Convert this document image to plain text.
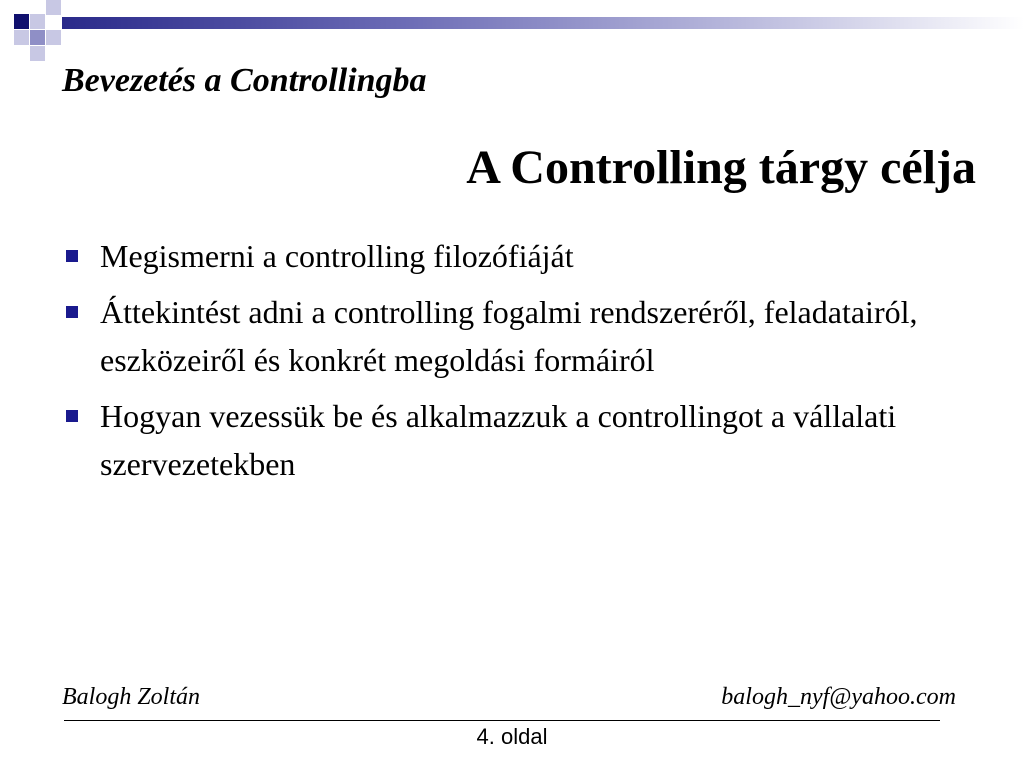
Bevezetés a Controllingba
A Controlling tárgy célja
Megismerni a controlling filozófiáját
Áttekintést adni a controlling fogalmi rendszeréről, feladatairól, eszközeiről és konkrét megoldási formáiról
Hogyan vezessük be és alkalmazzuk a controllingot a vállalati szervezetekben
Balogh Zoltán	balogh_nyf@yahoo.com
4. oldal
